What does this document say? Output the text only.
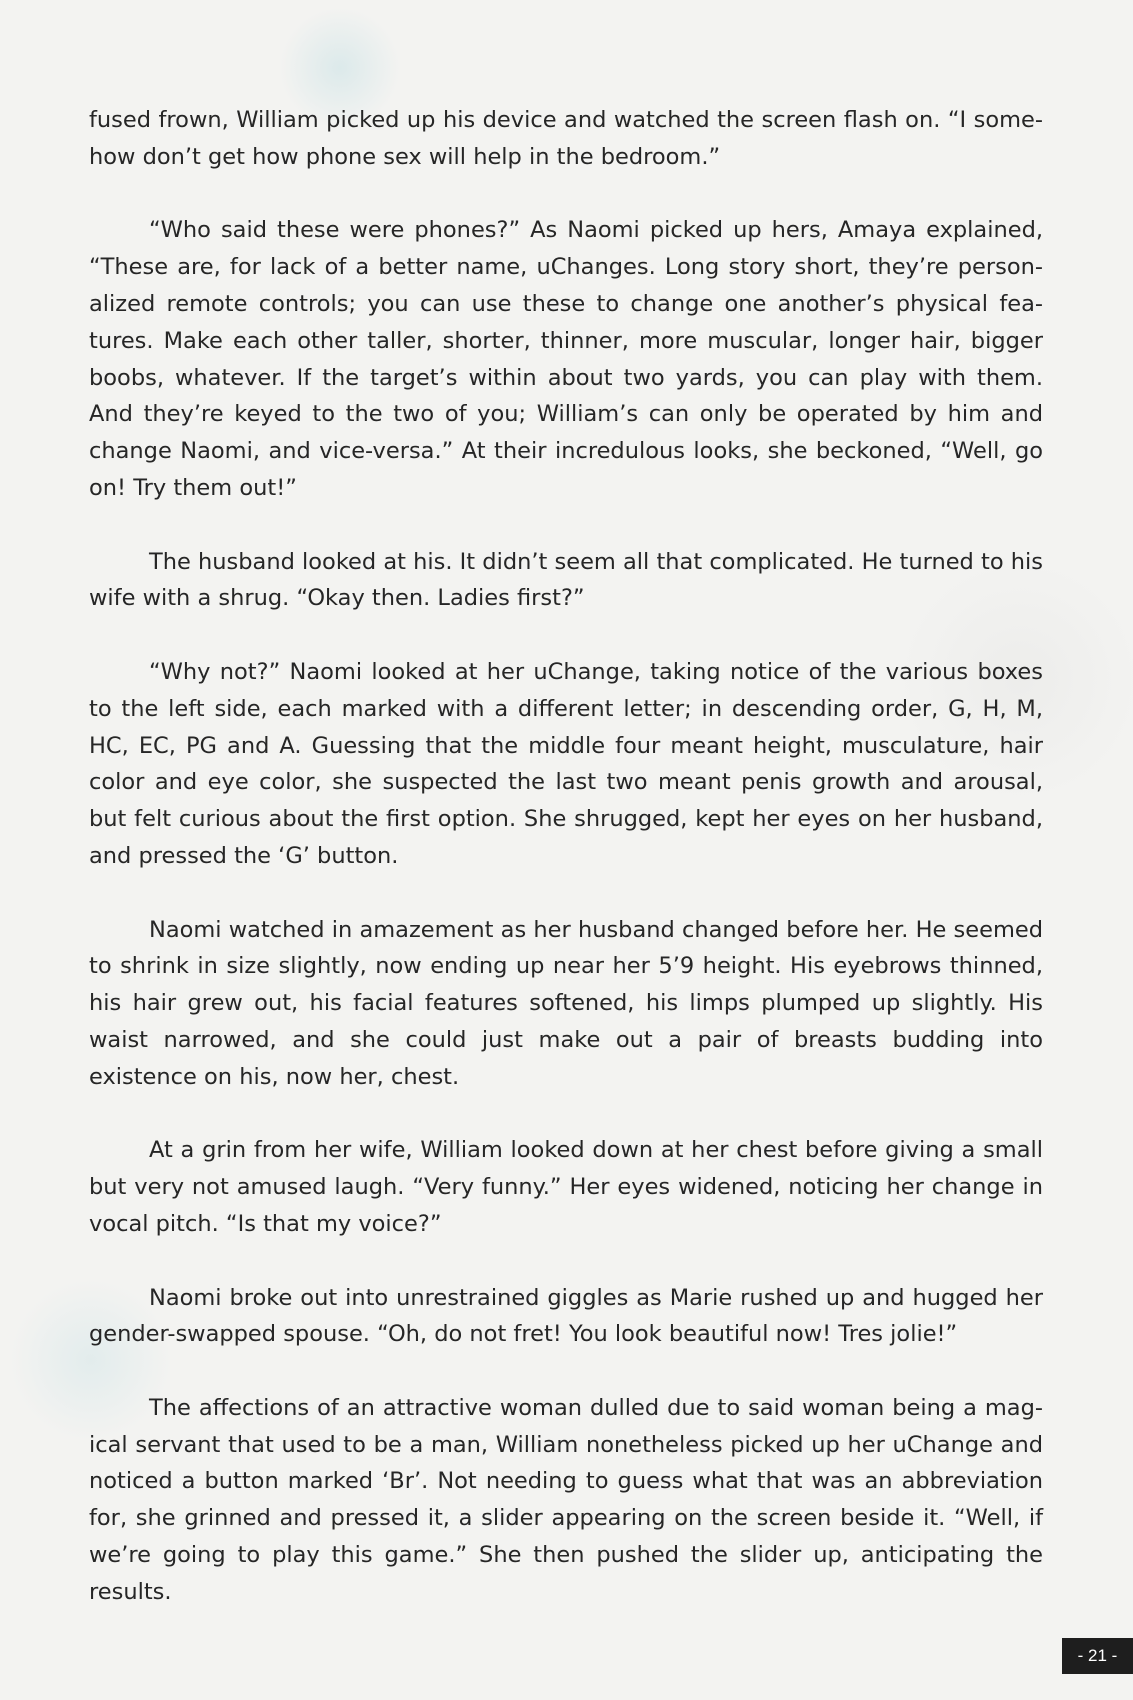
fused frown, William picked up his device and watched the screen flash on. “I somehow don’t get how phone sex will help in the bedroom.”

“Who said these were phones?” As Naomi picked up hers, Amaya explained, “These are, for lack of a better name, uChanges. Long story short, they’re personalized remote controls; you can use these to change one another’s physical features. Make each other taller, shorter, thinner, more muscular, longer hair, bigger boobs, whatever. If the target’s within about two yards, you can play with them. And they’re keyed to the two of you; William’s can only be operated by him and change Naomi, and vice-versa.” At their incredulous looks, she beckoned, “Well, go on! Try them out!”

The husband looked at his. It didn’t seem all that complicated. He turned to his wife with a shrug. “Okay then. Ladies first?”

“Why not?” Naomi looked at her uChange, taking notice of the various boxes to the left side, each marked with a different letter; in descending order, G, H, M, HC, EC, PG and A. Guessing that the middle four meant height, musculature, hair color and eye color, she suspected the last two meant penis growth and arousal, but felt curious about the first option. She shrugged, kept her eyes on her husband, and pressed the ‘G’ button.

Naomi watched in amazement as her husband changed before her. He seemed to shrink in size slightly, now ending up near her 5’9 height. His eyebrows thinned, his hair grew out, his facial features softened, his limps plumped up slightly. His waist narrowed, and she could just make out a pair of breasts budding into existence on his, now her, chest.

At a grin from her wife, William looked down at her chest before giving a small but very not amused laugh. “Very funny.” Her eyes widened, noticing her change in vocal pitch. “Is that my voice?”

Naomi broke out into unrestrained giggles as Marie rushed up and hugged her gender-swapped spouse. “Oh, do not fret! You look beautiful now! Tres jolie!”

The affections of an attractive woman dulled due to said woman being a magical servant that used to be a man, William nonetheless picked up her uChange and noticed a button marked ‘Br’. Not needing to guess what that was an abbreviation for, she grinned and pressed it, a slider appearing on the screen beside it. “Well, if we’re going to play this game.” She then pushed the slider up, anticipating the results.

- 21 -
